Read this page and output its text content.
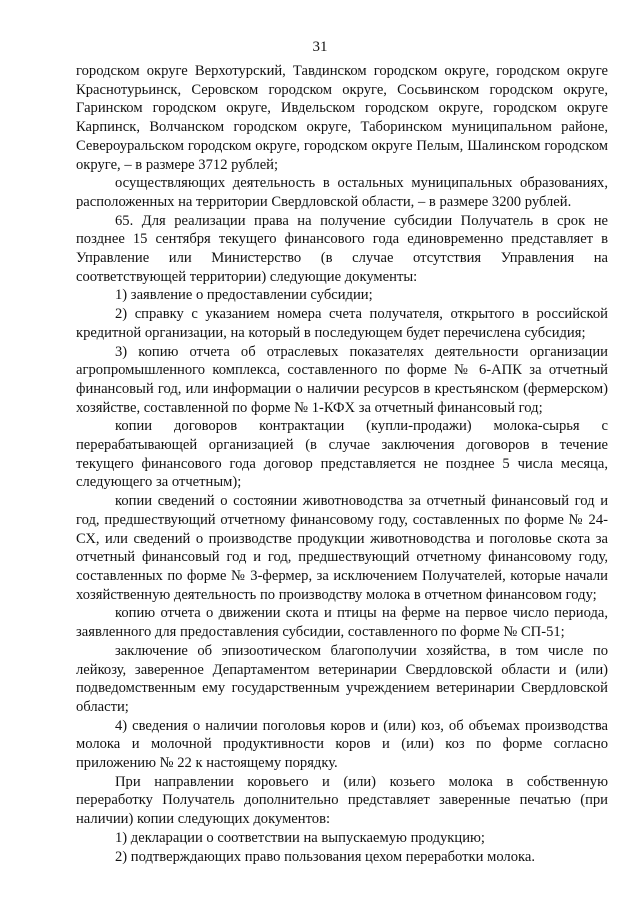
31

городском округе Верхотурский, Тавдинском городском округе, городском округе Краснотурьинск, Серовском городском округе, Сосьвинском городском округе, Гаринском городском округе, Ивдельском городском округе, городском округе Карпинск, Волчанском городском округе, Таборинском муниципальном районе, Североуральском городском округе, городском округе Пелым, Шалинском городском округе, – в размере 3712 рублей;

осуществляющих деятельность в остальных муниципальных образованиях, расположенных на территории Свердловской области, – в размере 3200 рублей.

65. Для реализации права на получение субсидии Получатель в срок не позднее 15 сентября текущего финансового года единовременно представляет в Управление или Министерство (в случае отсутствия Управления на соответствующей территории) следующие документы:

1) заявление о предоставлении субсидии;

2) справку с указанием номера счета получателя, открытого в российской кредитной организации, на который в последующем будет перечислена субсидия;

3) копию отчета об отраслевых показателях деятельности организации агропромышленного комплекса, составленного по форме № 6-АПК за отчетный финансовый год, или информации о наличии ресурсов в крестьянском (фермерском) хозяйстве, составленной по форме № 1-КФХ за отчетный финансовый год;

копии договоров контрактации (купли-продажи) молока-сырья с перерабатывающей организацией (в случае заключения договоров в течение текущего финансового года договор представляется не позднее 5 числа месяца, следующего за отчетным);

копии сведений о состоянии животноводства за отчетный финансовый год и год, предшествующий отчетному финансовому году, составленных по форме № 24-СХ, или сведений о производстве продукции животноводства и поголовье скота за отчетный финансовый год и год, предшествующий отчетному финансовому году, составленных по форме № 3-фермер, за исключением Получателей, которые начали хозяйственную деятельность по производству молока в отчетном финансовом году;

копию отчета о движении скота и птицы на ферме на первое число периода, заявленного для предоставления субсидии, составленного по форме № СП-51;

заключение об эпизоотическом благополучии хозяйства, в том числе по лейкозу, заверенное Департаментом ветеринарии Свердловской области и (или) подведомственным ему государственным учреждением ветеринарии Свердловской области;

4) сведения о наличии поголовья коров и (или) коз, об объемах производства молока и молочной продуктивности коров и (или) коз по форме согласно приложению № 22 к настоящему порядку.

При направлении коровьего и (или) козьего молока в собственную переработку Получатель дополнительно представляет заверенные печатью (при наличии) копии следующих документов:

1) декларации о соответствии на выпускаемую продукцию;

2) подтверждающих право пользования цехом переработки молока.
